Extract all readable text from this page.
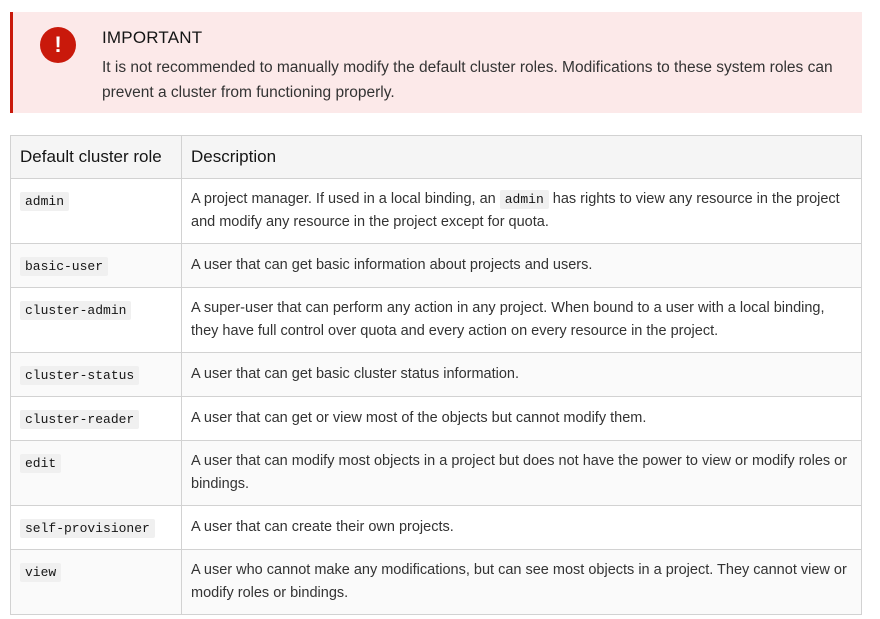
!	IMPORTANT
It is not recommended to manually modify the default cluster roles. Modifications to these system roles can prevent a cluster from functioning properly.
Default cluster role	Description
admin	A project manager. If used in a local binding, an admin has rights to view any resource in the project and modify any resource in the project except for quota.
basic-user	A user that can get basic information about projects and users.
cluster-admin	A super-user that can perform any action in any project. When bound to a user with a local binding, they have full control over quota and every action on every resource in the project.
cluster-status	A user that can get basic cluster status information.
cluster-reader	A user that can get or view most of the objects but cannot modify them.
edit	A user that can modify most objects in a project but does not have the power to view or modify roles or bindings.
self-provisioner	A user that can create their own projects.
view	A user who cannot make any modifications, but can see most objects in a project. They cannot view or modify roles or bindings.
